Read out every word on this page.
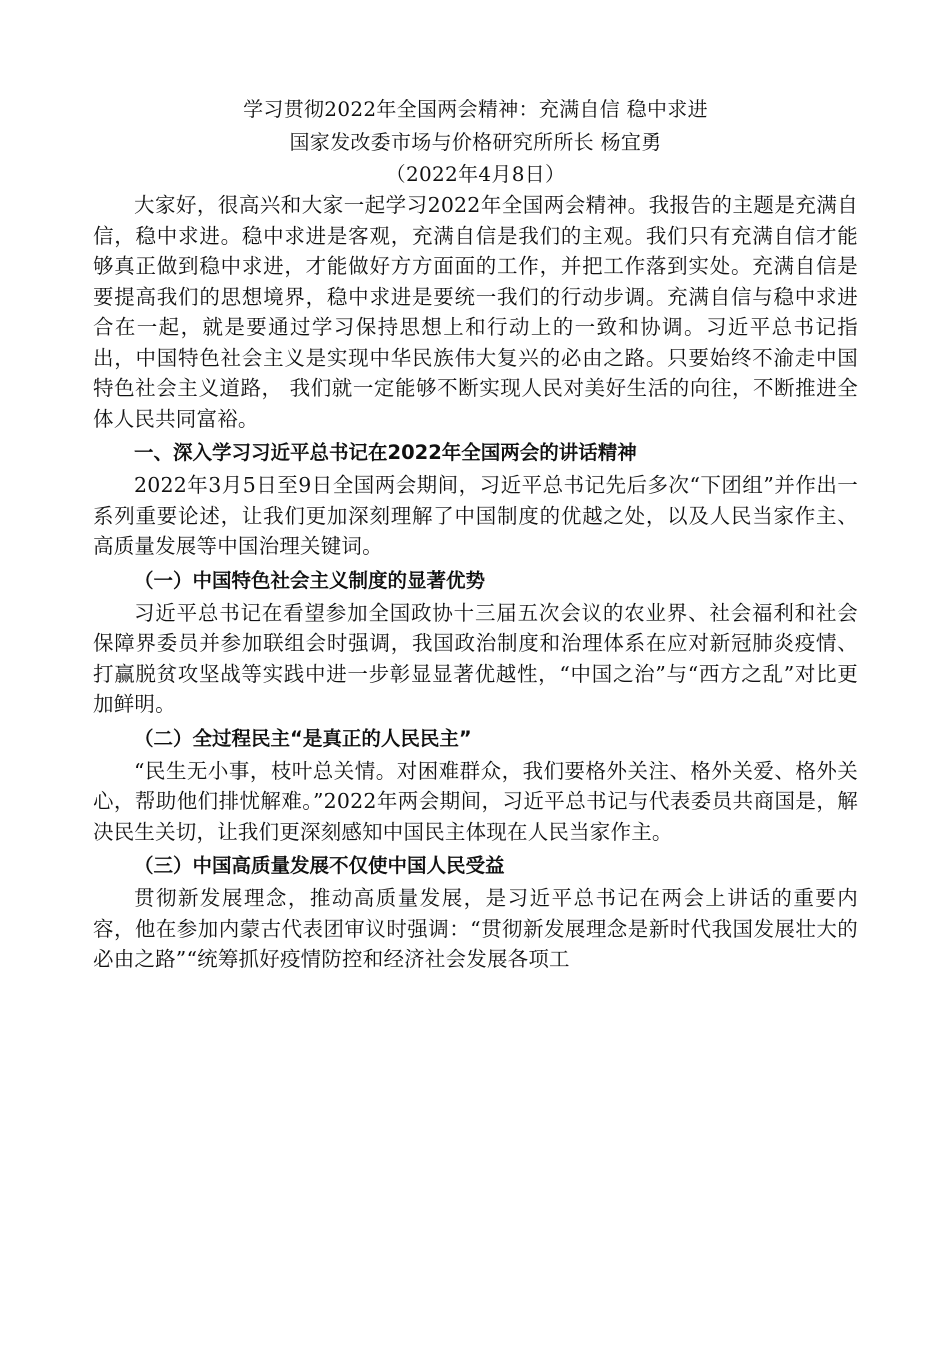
学习贯彻2022年全国两会精神：充满自信 稳中求进
国家发改委市场与价格研究所所长 杨宜勇
（2022年4月8日）

大家好，很高兴和大家一起学习2022年全国两会精神。我报告的主题是充满自信，稳中求进。稳中求进是客观，充满自信是我们的主观。我们只有充满自信才能够真正做到稳中求进，才能做好方方面面的工作，并把工作落到实处。充满自信是要提高我们的思想境界，稳中求进是要统一我们的行动步调。充满自信与稳中求进合在一起，就是要通过学习保持思想上和行动上的一致和协调。习近平总书记指出，中国特色社会主义是实现中华民族伟大复兴的必由之路。只要始终不渝走中国特色社会主义道路， 我们就一定能够不断实现人民对美好生活的向往，不断推进全体人民共同富裕。

一、深入学习习近平总书记在2022年全国两会的讲话精神

2022年3月5日至9日全国两会期间，习近平总书记先后多次“下团组”并作出一系列重要论述，让我们更加深刻理解了中国制度的优越之处，以及人民当家作主、高质量发展等中国治理关键词。

（一）中国特色社会主义制度的显著优势

习近平总书记在看望参加全国政协十三届五次会议的农业界、社会福利和社会保障界委员并参加联组会时强调，我国政治制度和治理体系在应对新冠肺炎疫情、打赢脱贫攻坚战等实践中进一步彰显显著优越性，“中国之治”与“西方之乱”对比更加鲜明。

（二）全过程民主“是真正的人民民主”

“民生无小事，枝叶总关情。对困难群众，我们要格外关注、格外关爱、格外关心，帮助他们排忧解难。”2022年两会期间，习近平总书记与代表委员共商国是，解决民生关切，让我们更深刻感知中国民主体现在人民当家作主。

（三）中国高质量发展不仅使中国人民受益

贯彻新发展理念，推动高质量发展，是习近平总书记在两会上讲话的重要内容，他在参加内蒙古代表团审议时强调：“贯彻新发展理念是新时代我国发展壮大的必由之路”“统筹抓好疫情防控和经济社会发展各项工
